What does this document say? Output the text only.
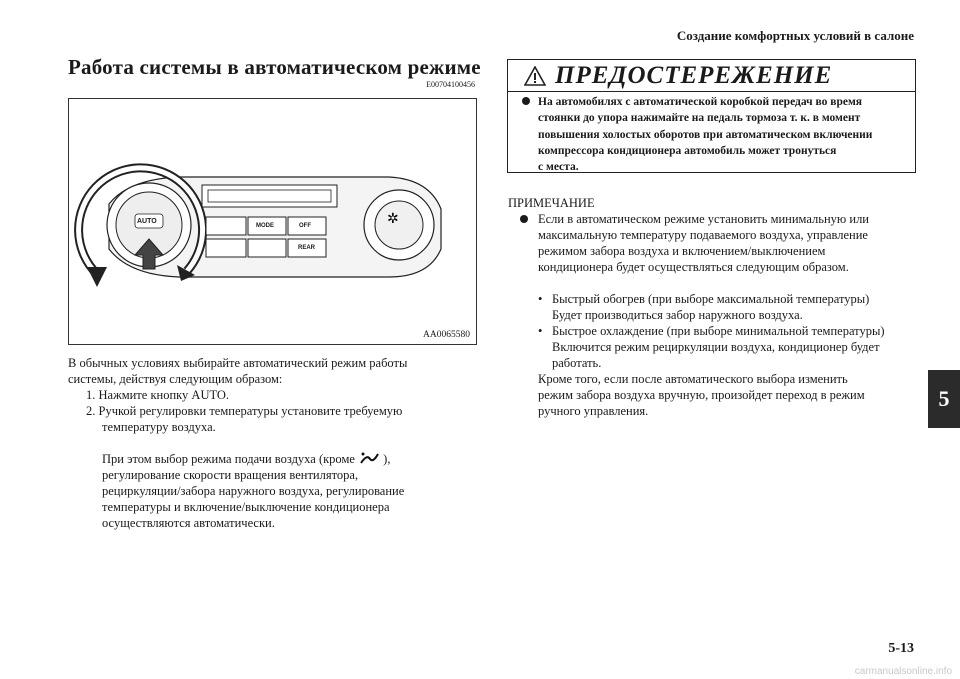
Создание комфортных условий в салоне
Работа системы в автоматическом режиме
E00704100456
✲
AUTO
MODE	OFF
REAR
AA0065580
В обычных условиях выбирайте автоматический режим работы
системы, действуя следующим образом:
1. Нажмите кнопку AUTO.
2. Ручкой регулировки температуры установите требуемую
температуру воздуха.
При этом выбор режима подачи воздуха (кроме ),
регулирование скорости вращения вентилятора,
рециркуляции/забора наружного воздуха, регулирование
температуры и включение/выключение кондиционера
осуществляются автоматически.
ПРЕДОСТЕРЕЖЕНИЕ
На автомобилях с автоматической коробкой передач во время
стоянки до упора нажимайте на педаль тормоза т. к. в момент
повышения холостых оборотов при автоматическом включении
компрессора кондиционера автомобиль может тронуться
с места.
ПРИМЕЧАНИЕ
Если в автоматическом режиме установить минимальную или
максимальную температуру подаваемого воздуха, управление
режимом забора воздуха и включением/выключением
кондиционера будет осуществляться следующим образом.
• Быстрый обогрев (при выборе максимальной температуры)
Будет производиться забор наружного воздуха.
• Быстрое охлаждение (при выборе минимальной температуры)
Включится режим рециркуляции воздуха, кондиционер будет
работать.
Кроме того, если после автоматического выбора изменить
режим забора воздуха вручную, произойдет переход в режим
ручного управления.	5
5-13
carmanualsonline.info
